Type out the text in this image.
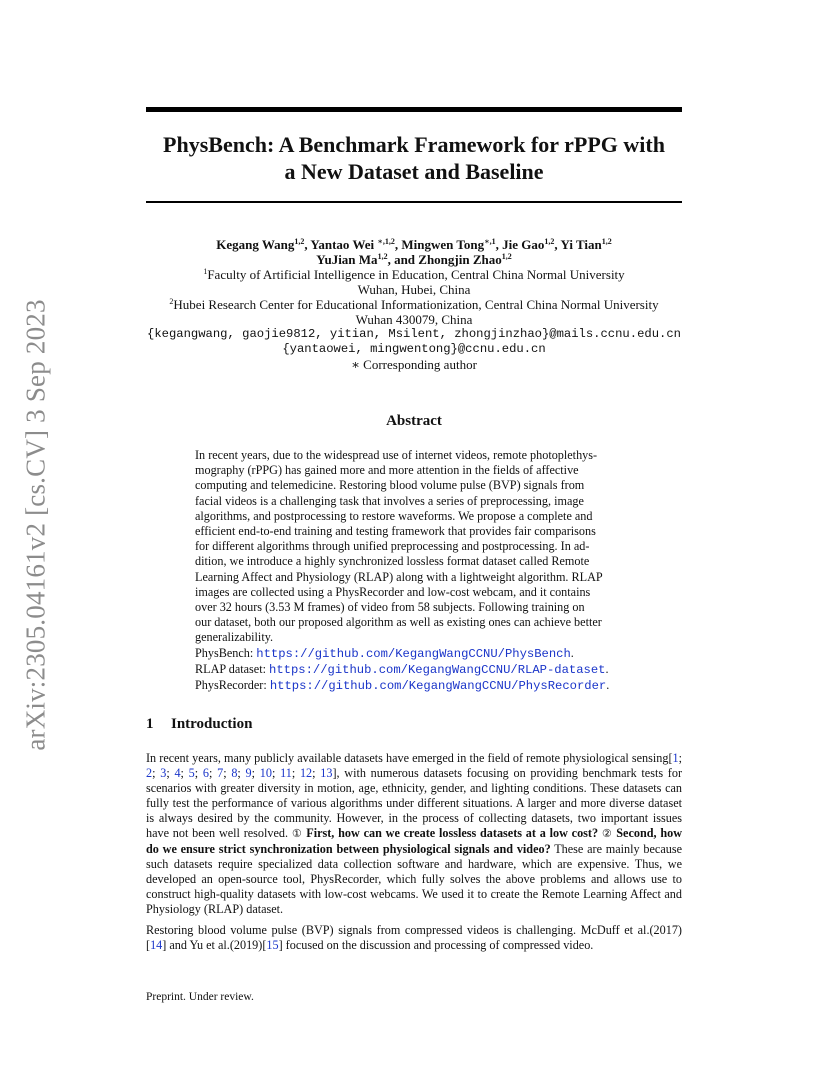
arXiv:2305.04161v2 [cs.CV] 3 Sep 2023
PhysBench: A Benchmark Framework for rPPG with
a New Dataset and Baseline
Kegang Wang$^{1,2}$, Yantao Wei $^{∗,1,2}$, Mingwen Tong$^{∗,1}$, Jie Gao$^{1,2}$, Yi Tian$^{1,2}$
YuJian Ma$^{1,2}$, and Zhongjin Zhao$^{1,2}$
$^1$Faculty of Artificial Intelligence in Education, Central China Normal University
Wuhan, Hubei, China
$^2$Hubei Research Center for Educational Informationization, Central China Normal University
Wuhan 430079, China
{kegangwang, gaojie9812, yitian, Msilent, zhongjinzhao}@mails.ccnu.edu.cn
{yantaowei, mingwentong}@ccnu.edu.cn
∗ Corresponding author
Abstract
In recent years, due to the widespread use of internet videos, remote photoplethys-
mography (rPPG) has gained more and more attention in the fields of affective
computing and telemedicine. Restoring blood volume pulse (BVP) signals from
facial videos is a challenging task that involves a series of preprocessing, image
algorithms, and postprocessing to restore waveforms. We propose a complete and
efficient end-to-end training and testing framework that provides fair comparisons
for different algorithms through unified preprocessing and postprocessing. In ad-
dition, we introduce a highly synchronized lossless format dataset called Remote
Learning Affect and Physiology (RLAP) along with a lightweight algorithm. RLAP
images are collected using a PhysRecorder and low-cost webcam, and it contains
over 32 hours (3.53 M frames) of video from 58 subjects. Following training on
our dataset, both our proposed algorithm as well as existing ones can achieve better
generalizability.
PhysBench: https://github.com/KegangWangCCNU/PhysBench.
RLAP dataset: https://github.com/KegangWangCCNU/RLAP-dataset.
PhysRecorder: https://github.com/KegangWangCCNU/PhysRecorder.
1 Introduction

In recent years, many publicly available datasets have emerged in the field of remote physiological sensing[1; 2; 3; 4; 5; 6; 7; 8; 9; 10; 11; 12; 13], with numerous datasets focusing on providing benchmark tests for scenarios with greater diversity in motion, age, ethnicity, gender, and lighting conditions. These datasets can fully test the performance of various algorithms under different situations. A larger and more diverse dataset is always desired by the community. However, in the process of collecting datasets, two important issues have not been well resolved. ① First, how can we create lossless datasets at a low cost? ② Second, how do we ensure strict synchronization between physiological signals and video? These are mainly because such datasets require specialized data collection software and hardware, which are expensive. Thus, we developed an open-source tool, PhysRecorder, which fully solves the above problems and allows use to construct high-quality datasets with low-cost webcams. We used it to create the Remote Learning Affect and Physiology (RLAP) dataset.

Restoring blood volume pulse (BVP) signals from compressed videos is challenging. McDuff et al.(2017)[14] and Yu et al.(2019)[15] focused on the discussion and processing of compressed video.

Preprint. Under review.
